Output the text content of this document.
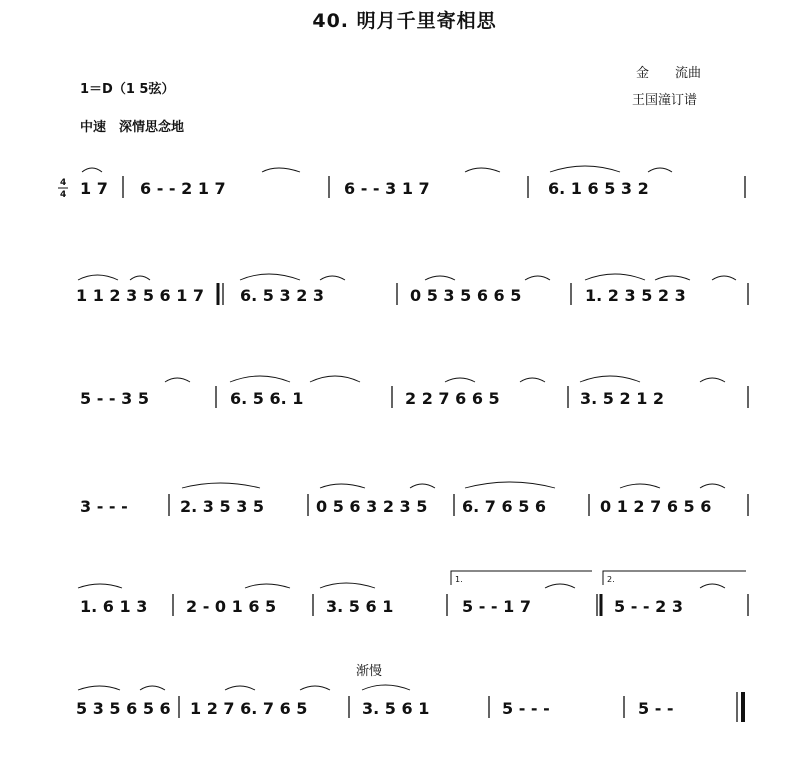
40. 明月千里寄相思
金　　流曲
王国潼订谱
1＝D（1 5弦）
中速　深情思念地
渐慢
4
4
1.	2.
1 7 6 - - 2 1 7	6 - - 3 1 7	6. 1 6 5 3 2
1 1 2 3 5 6 1 7 6. 5 3 2 3	0 5 3 5 6 6 5	1. 2 3 5 2 3
5 - - 3 5	6. 5 6. 1	2 2 7 6 6 5	3. 5 2 1 2
3 - - -	2. 3 5 3 5	0 5 6 3 2 3 5 6. 7 6 5 6	0 1 2 7 6 5 6
1. 6 1 3 2 - 0 1 6 5	3. 5 6 1	5 - - 1 7	5 - - 2 3
5 3 5 6 5 6 1 2 7 6. 7 6 5	3. 5 6 1	5 - - -	5 - -
